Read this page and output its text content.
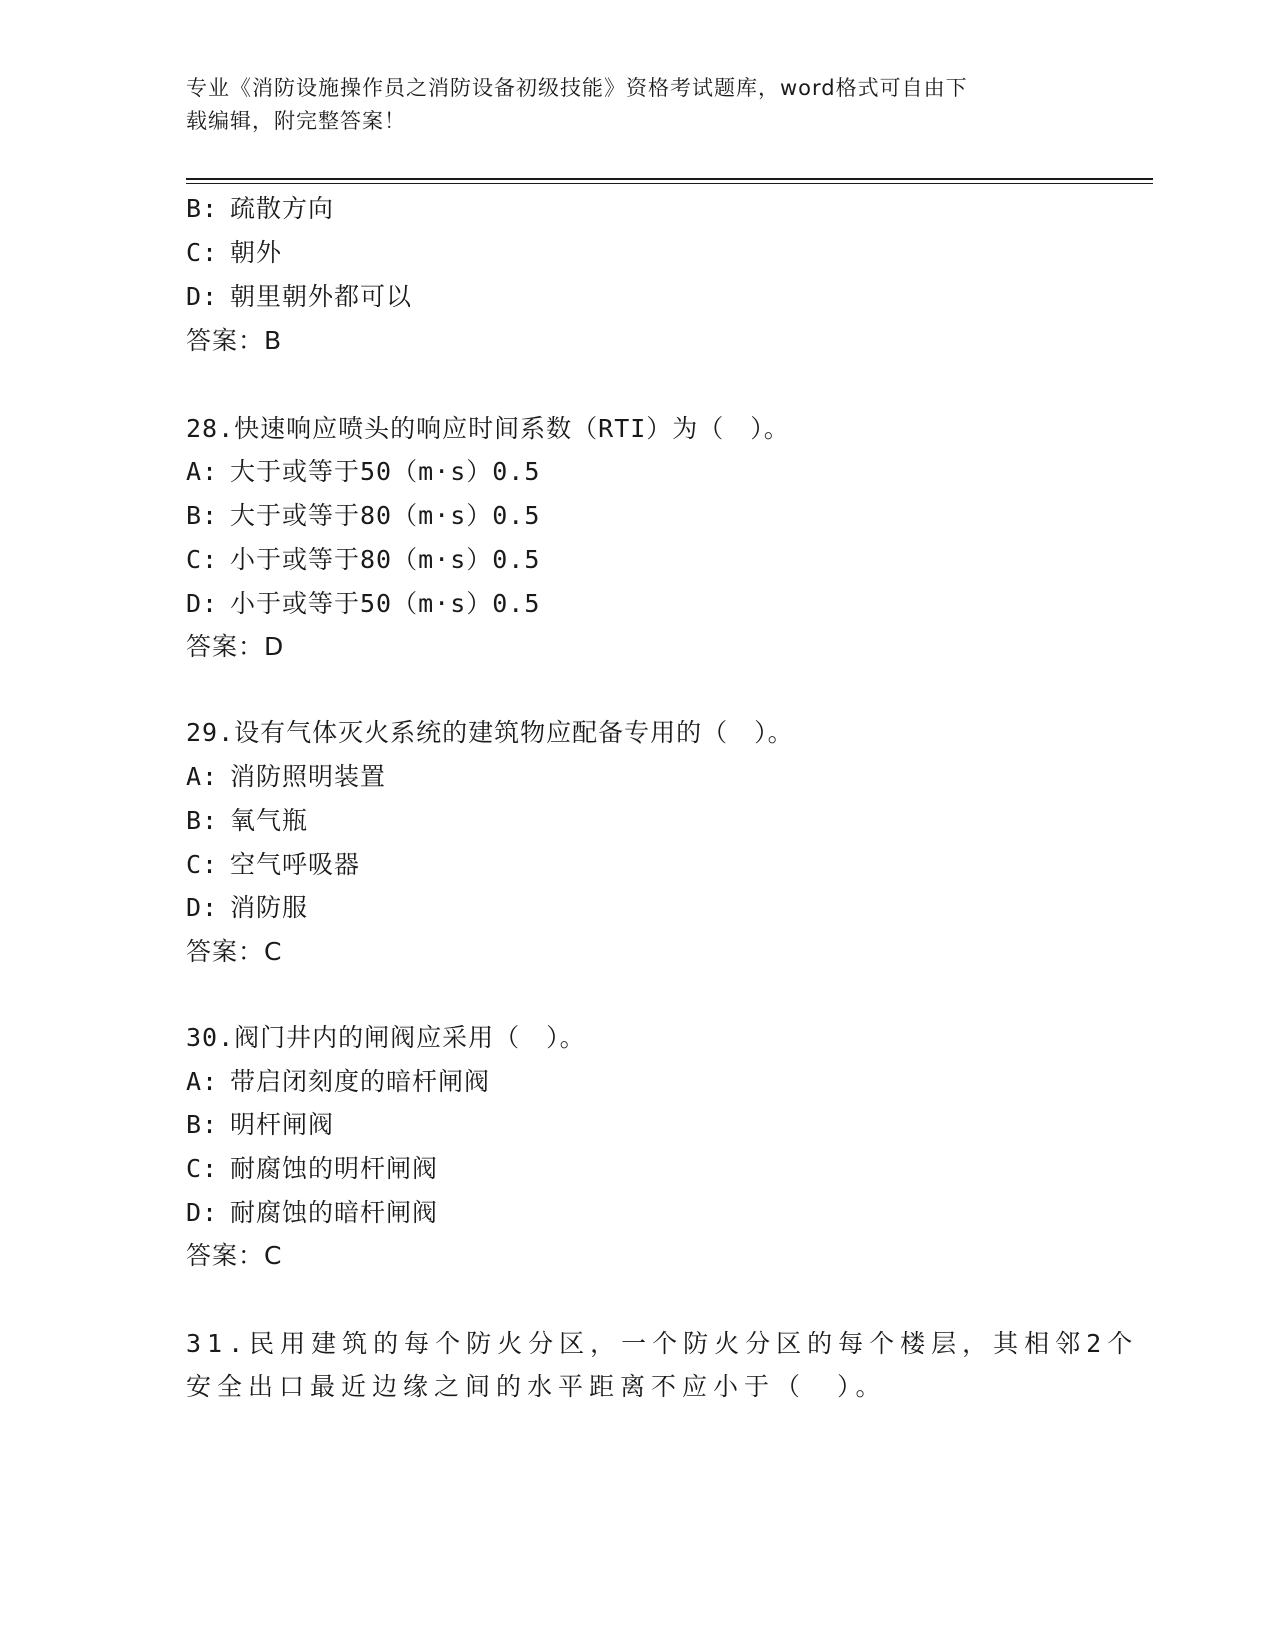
专业《消防设施操作员之消防设备初级技能》资格考试题库，word格式可自由下
载编辑，附完整答案！
B: 疏散方向
C: 朝外
D: 朝里朝外都可以
答案：B
28.快速响应喷头的响应时间系数（RTI）为（　）。
A: 大于或等于50（m·s）0.5
B: 大于或等于80（m·s）0.5
C: 小于或等于80（m·s）0.5
D: 小于或等于50（m·s）0.5
答案：D
29.设有气体灭火系统的建筑物应配备专用的（　）。
A: 消防照明装置
B: 氧气瓶
C: 空气呼吸器
D: 消防服
答案：C
30.阀门井内的闸阀应采用（　）。
A: 带启闭刻度的暗杆闸阀
B: 明杆闸阀
C: 耐腐蚀的明杆闸阀
D: 耐腐蚀的暗杆闸阀
答案：C
31.民用建筑的每个防火分区，一个防火分区的每个楼层，其相邻2个
安全出口最近边缘之间的水平距离不应小于（　）。
